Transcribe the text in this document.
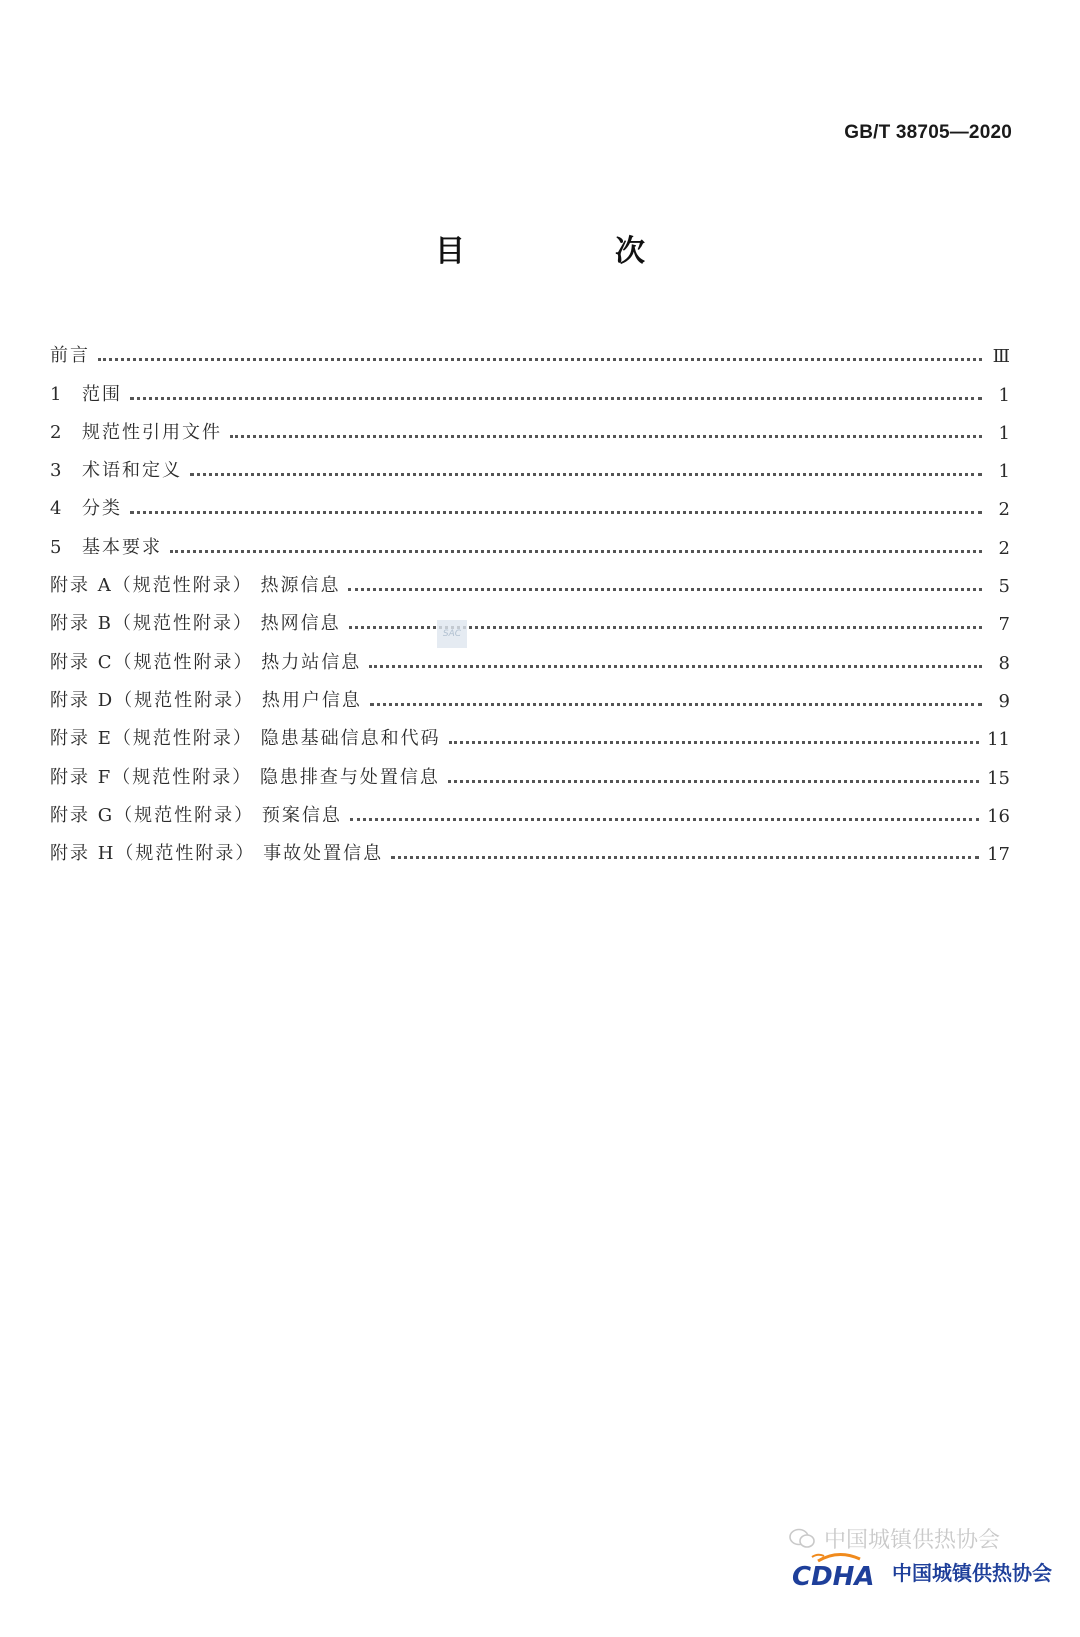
GB/T 38705—2020
目　次
前言	Ⅲ
1 范围	1
2 规范性引用文件	1
3 术语和定义	1
4 分类	2
5 基本要求	2
附录 A（规范性附录） 热源信息	5
附录 B（规范性附录） 热网信息	7
附录 C（规范性附录） 热力站信息	8
附录 D（规范性附录） 热用户信息	9
附录 E（规范性附录） 隐患基础信息和代码	11
附录 F（规范性附录） 隐患排查与处置信息	15
附录 G（规范性附录） 预案信息	16
附录 H（规范性附录） 事故处置信息	17
SAC
中国城镇供热协会
CDHA 中国城镇供热协会
